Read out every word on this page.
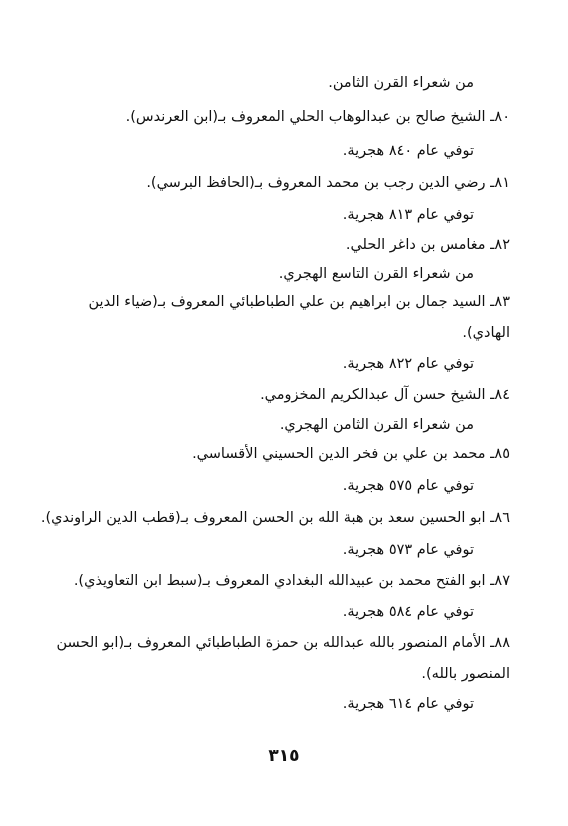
من شعراء القرن الثامن.
٨٠ـ الشيخ صالح بن عبدالوهاب الحلي المعروف بـ(ابن العرندس).
توفي عام ٨٤٠ هجرية.
٨١ـ رضي الدين رجب بن محمد المعروف بـ(الحافظ البرسي).
توفي عام ٨١٣ هجرية.
٨٢ـ مغامس بن داغر الحلي.
من شعراء القرن التاسع الهجري.
٨٣ـ السيد جمال بن ابراهيم بن علي الطباطبائي المعروف بـ(ضياء الدين
الهادي).
توفي عام ٨٢٢ هجرية.
٨٤ـ الشيخ حسن آل عبدالكريم المخزومي.
من شعراء القرن الثامن الهجري.
٨٥ـ محمد بن علي بن فخر الدين الحسيني الأقساسي.
توفي عام ٥٧٥ هجرية.
٨٦ـ ابو الحسين سعد بن هبة الله بن الحسن المعروف بـ(قطب الدين الراوندي).
توفي عام ٥٧٣ هجرية.
٨٧ـ ابو الفتح محمد بن عبيدالله البغدادي المعروف بـ(سبط ابن التعاويذي).
توفي عام ٥٨٤ هجرية.
٨٨ـ الأمام المنصور بالله عبدالله بن حمزة الطباطبائي المعروف بـ(ابو الحسن
المنصور بالله).
توفي عام ٦١٤ هجرية.
٣١٥
